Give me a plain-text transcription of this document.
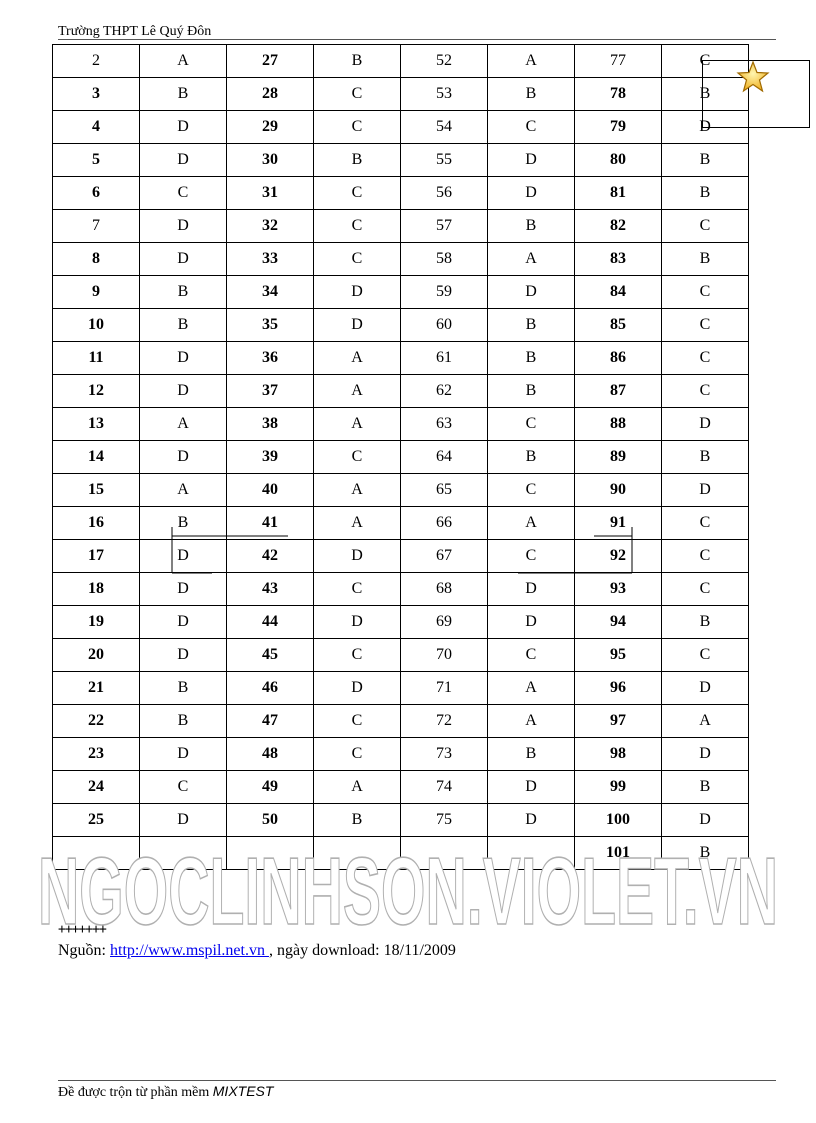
Trường THPT Lê Quý Đôn
2	A	27	B	52	A	77	C
3	B	28	C	53	B	78	B
4	D	29	C	54	C	79	D
5	D	30	B	55	D	80	B
6	C	31	C	56	D	81	B
7	D	32	C	57	B	82	C
8	D	33	C	58	A	83	B
9	B	34	D	59	D	84	C
10	B	35	D	60	B	85	C
11	D	36	A	61	B	86	C
12	D	37	A	62	B	87	C
13	A	38	A	63	C	88	D
14	D	39	C	64	B	89	B
15	A	40	A	65	C	90	D
16	B	41	A	66	A	91	C
17	D	42	D	67	C	92	C
18	D	43	C	68	D	93	C
19	D	44	D	69	D	94	B
20	D	45	C	70	C	95	C
21	B	46	D	71	A	96	D
22	B	47	C	72	A	97	A
23	D	48	C	73	B	98	D
24	C	49	A	74	D	99	B
25	D	50	B	75	D	100	D
						101	B
NGOCLINHSON.VIOLET.VN
+++++++
Nguồn: http://www.mspil.net.vn , ngày download: 18/11/2009
Đề được trộn từ phần mềm MIXTEST
